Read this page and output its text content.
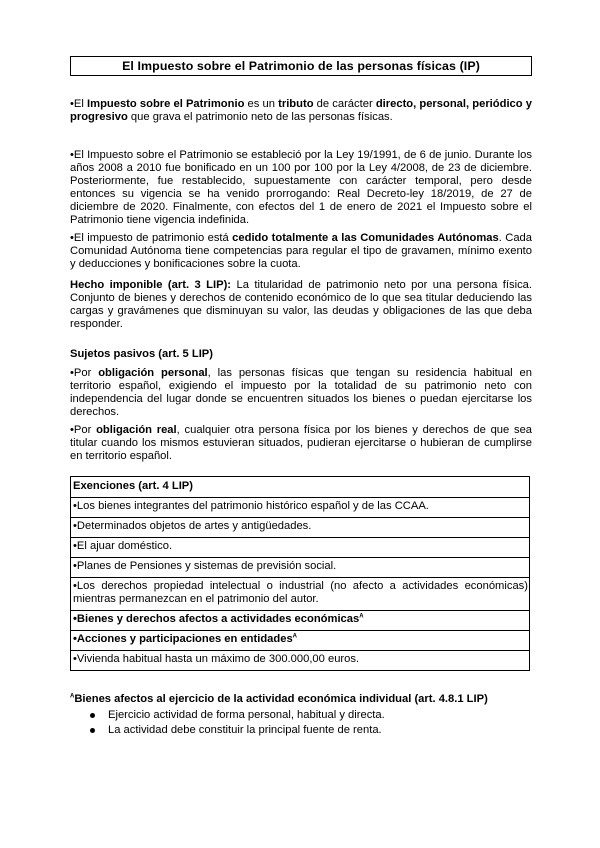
El Impuesto sobre el Patrimonio de las personas físicas (IP)

•El Impuesto sobre el Patrimonio es un tributo de carácter directo, personal, periódico y progresivo que grava el patrimonio neto de las personas físicas.

•El Impuesto sobre el Patrimonio se estableció por la Ley 19/1991, de 6 de junio. Durante los años 2008 a 2010 fue bonificado en un 100 por 100 por la Ley 4/2008, de 23 de diciembre. Posteriormente, fue restablecido, supuestamente con carácter temporal, pero desde entonces su vigencia se ha venido prorrogando: Real Decreto-ley 18/2019, de 27 de diciembre de 2020. Finalmente, con efectos del 1 de enero de 2021 el Impuesto sobre el Patrimonio tiene vigencia indefinida.

•El impuesto de patrimonio está cedido totalmente a las Comunidades Autónomas. Cada Comunidad Autónoma tiene competencias para regular el tipo de gravamen, mínimo exento y deducciones y bonificaciones sobre la cuota.

Hecho imponible (art. 3 LIP): La titularidad de patrimonio neto por una persona física. Conjunto de bienes y derechos de contenido económico de lo que sea titular deduciendo las cargas y gravámenes que disminuyan su valor, las deudas y obligaciones de las que deba responder.

Sujetos pasivos (art. 5 LIP)

•Por obligación personal, las personas físicas que tengan su residencia habitual en territorio español, exigiendo el impuesto por la totalidad de su patrimonio neto con independencia del lugar donde se encuentren situados los bienes o puedan ejercitarse los derechos.

•Por obligación real, cualquier otra persona física por los bienes y derechos de que sea titular cuando los mismos estuvieran situados, pudieran ejercitarse o hubieran de cumplirse en territorio español.

Exenciones (art. 4 LIP)
•Los bienes integrantes del patrimonio histórico español y de las CCAA.
•Determinados objetos de artes y antigüedades.
•El ajuar doméstico.
•Planes de Pensiones y sistemas de previsión social.
•Los derechos propiedad intelectual o industrial (no afecto a actividades económicas) mientras permanezcan en el patrimonio del autor.
•Bienes y derechos afectos a actividades económicas$^A$
•Acciones y participaciones en entidades$^A$
•Vivienda habitual hasta un máximo de 300.000,00 euros.

$^A$Bienes afectos al ejercicio de la actividad económica individual (art. 4.8.1 LIP)

Ejercicio actividad de forma personal, habitual y directa.
La actividad debe constituir la principal fuente de renta.
